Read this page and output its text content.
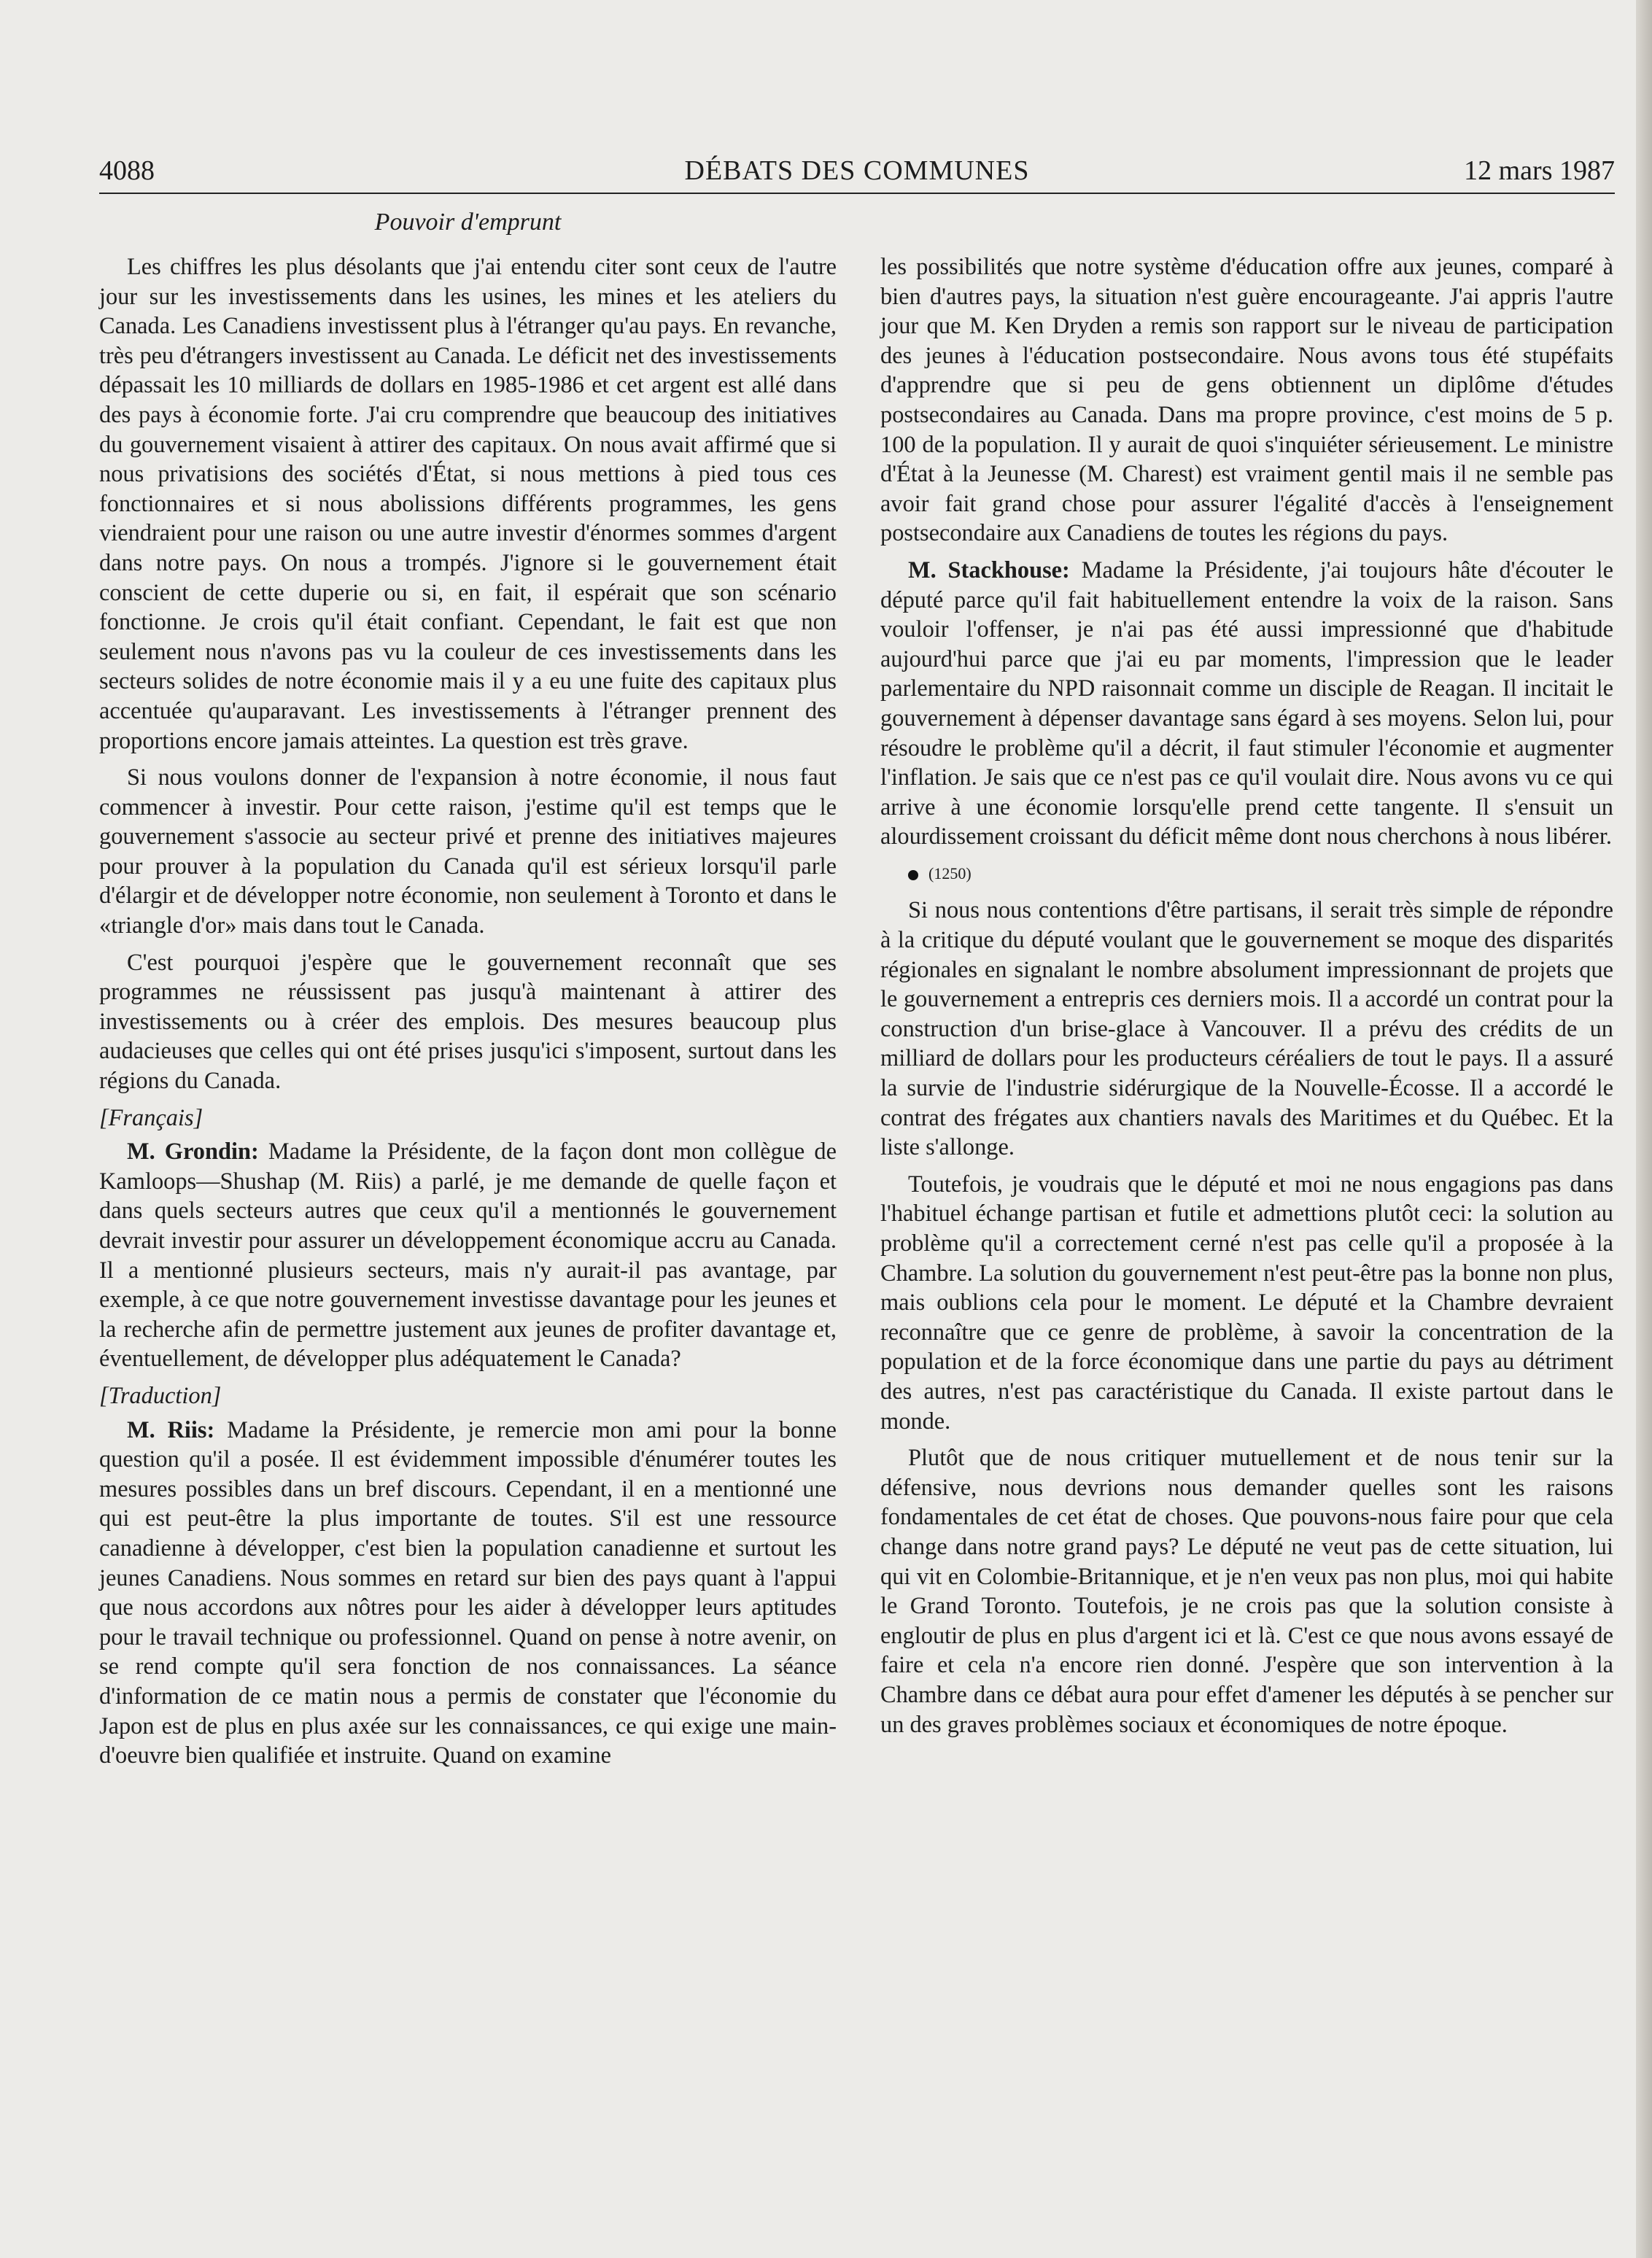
4088	DÉBATS DES COMMUNES	12 mars 1987
Pouvoir d'emprunt

Les chiffres les plus désolants que j'ai entendu citer sont ceux de l'autre jour sur les investissements dans les usines, les mines et les ateliers du Canada. Les Canadiens investissent plus à l'étranger qu'au pays. En revanche, très peu d'étrangers investissent au Canada. Le déficit net des investissements dépassait les 10 milliards de dollars en 1985-1986 et cet argent est allé dans des pays à économie forte. J'ai cru comprendre que beaucoup des initiatives du gouvernement visaient à attirer des capitaux. On nous avait affirmé que si nous privatisions des sociétés d'État, si nous mettions à pied tous ces fonctionnaires et si nous abolissions différents programmes, les gens viendraient pour une raison ou une autre investir d'énormes sommes d'argent dans notre pays. On nous a trompés. J'ignore si le gouvernement était conscient de cette duperie ou si, en fait, il espérait que son scénario fonctionne. Je crois qu'il était confiant. Cependant, le fait est que non seulement nous n'avons pas vu la couleur de ces investissements dans les secteurs solides de notre économie mais il y a eu une fuite des capitaux plus accentuée qu'auparavant. Les investissements à l'étranger prennent des proportions encore jamais atteintes. La question est très grave.

Si nous voulons donner de l'expansion à notre économie, il nous faut commencer à investir. Pour cette raison, j'estime qu'il est temps que le gouvernement s'associe au secteur privé et prenne des initiatives majeures pour prouver à la population du Canada qu'il est sérieux lorsqu'il parle d'élargir et de développer notre économie, non seulement à Toronto et dans le «triangle d'or» mais dans tout le Canada.

C'est pourquoi j'espère que le gouvernement reconnaît que ses programmes ne réussissent pas jusqu'à maintenant à attirer des investissements ou à créer des emplois. Des mesures beaucoup plus audacieuses que celles qui ont été prises jusqu'ici s'imposent, surtout dans les régions du Canada.

[Français]

M. Grondin: Madame la Présidente, de la façon dont mon collègue de Kamloops—Shushap (M. Riis) a parlé, je me demande de quelle façon et dans quels secteurs autres que ceux qu'il a mentionnés le gouvernement devrait investir pour assurer un développement économique accru au Canada. Il a mentionné plusieurs secteurs, mais n'y aurait-il pas avantage, par exemple, à ce que notre gouvernement investisse davantage pour les jeunes et la recherche afin de permettre justement aux jeunes de profiter davantage et, éventuellement, de développer plus adéquatement le Canada?

[Traduction]

M. Riis: Madame la Présidente, je remercie mon ami pour la bonne question qu'il a posée. Il est évidemment impossible d'énumérer toutes les mesures possibles dans un bref discours. Cependant, il en a mentionné une qui est peut-être la plus importante de toutes. S'il est une ressource canadienne à développer, c'est bien la population canadienne et surtout les jeunes Canadiens. Nous sommes en retard sur bien des pays quant à l'appui que nous accordons aux nôtres pour les aider à développer leurs aptitudes pour le travail technique ou professionnel. Quand on pense à notre avenir, on se rend compte qu'il sera fonction de nos connaissances. La séance d'information de ce matin nous a permis de constater que l'économie du Japon est de plus en plus axée sur les connaissances, ce qui exige une main-d'oeuvre bien qualifiée et instruite. Quand on examine

les possibilités que notre système d'éducation offre aux jeunes, comparé à bien d'autres pays, la situation n'est guère encourageante. J'ai appris l'autre jour que M. Ken Dryden a remis son rapport sur le niveau de participation des jeunes à l'éducation postsecondaire. Nous avons tous été stupéfaits d'apprendre que si peu de gens obtiennent un diplôme d'études postsecondaires au Canada. Dans ma propre province, c'est moins de 5 p. 100 de la population. Il y aurait de quoi s'inquiéter sérieusement. Le ministre d'État à la Jeunesse (M. Charest) est vraiment gentil mais il ne semble pas avoir fait grand chose pour assurer l'égalité d'accès à l'enseignement postsecondaire aux Canadiens de toutes les régions du pays.

M. Stackhouse: Madame la Présidente, j'ai toujours hâte d'écouter le député parce qu'il fait habituellement entendre la voix de la raison. Sans vouloir l'offenser, je n'ai pas été aussi impressionné que d'habitude aujourd'hui parce que j'ai eu par moments, l'impression que le leader parlementaire du NPD raisonnait comme un disciple de Reagan. Il incitait le gouvernement à dépenser davantage sans égard à ses moyens. Selon lui, pour résoudre le problème qu'il a décrit, il faut stimuler l'économie et augmenter l'inflation. Je sais que ce n'est pas ce qu'il voulait dire. Nous avons vu ce qui arrive à une économie lorsqu'elle prend cette tangente. Il s'ensuit un alourdissement croissant du déficit même dont nous cherchons à nous libérer.

(1250)

Si nous nous contentions d'être partisans, il serait très simple de répondre à la critique du député voulant que le gouvernement se moque des disparités régionales en signalant le nombre absolument impressionnant de projets que le gouvernement a entrepris ces derniers mois. Il a accordé un contrat pour la construction d'un brise-glace à Vancouver. Il a prévu des crédits de un milliard de dollars pour les producteurs céréaliers de tout le pays. Il a assuré la survie de l'industrie sidérurgique de la Nouvelle-Écosse. Il a accordé le contrat des frégates aux chantiers navals des Maritimes et du Québec. Et la liste s'allonge.

Toutefois, je voudrais que le député et moi ne nous engagions pas dans l'habituel échange partisan et futile et admettions plutôt ceci: la solution au problème qu'il a correctement cerné n'est pas celle qu'il a proposée à la Chambre. La solution du gouvernement n'est peut-être pas la bonne non plus, mais oublions cela pour le moment. Le député et la Chambre devraient reconnaître que ce genre de problème, à savoir la concentration de la population et de la force économique dans une partie du pays au détriment des autres, n'est pas caractéristique du Canada. Il existe partout dans le monde.

Plutôt que de nous critiquer mutuellement et de nous tenir sur la défensive, nous devrions nous demander quelles sont les raisons fondamentales de cet état de choses. Que pouvons-nous faire pour que cela change dans notre grand pays? Le député ne veut pas de cette situation, lui qui vit en Colombie-Britannique, et je n'en veux pas non plus, moi qui habite le Grand Toronto. Toutefois, je ne crois pas que la solution consiste à engloutir de plus en plus d'argent ici et là. C'est ce que nous avons essayé de faire et cela n'a encore rien donné. J'espère que son intervention à la Chambre dans ce débat aura pour effet d'amener les députés à se pencher sur un des graves problèmes sociaux et économiques de notre époque.
